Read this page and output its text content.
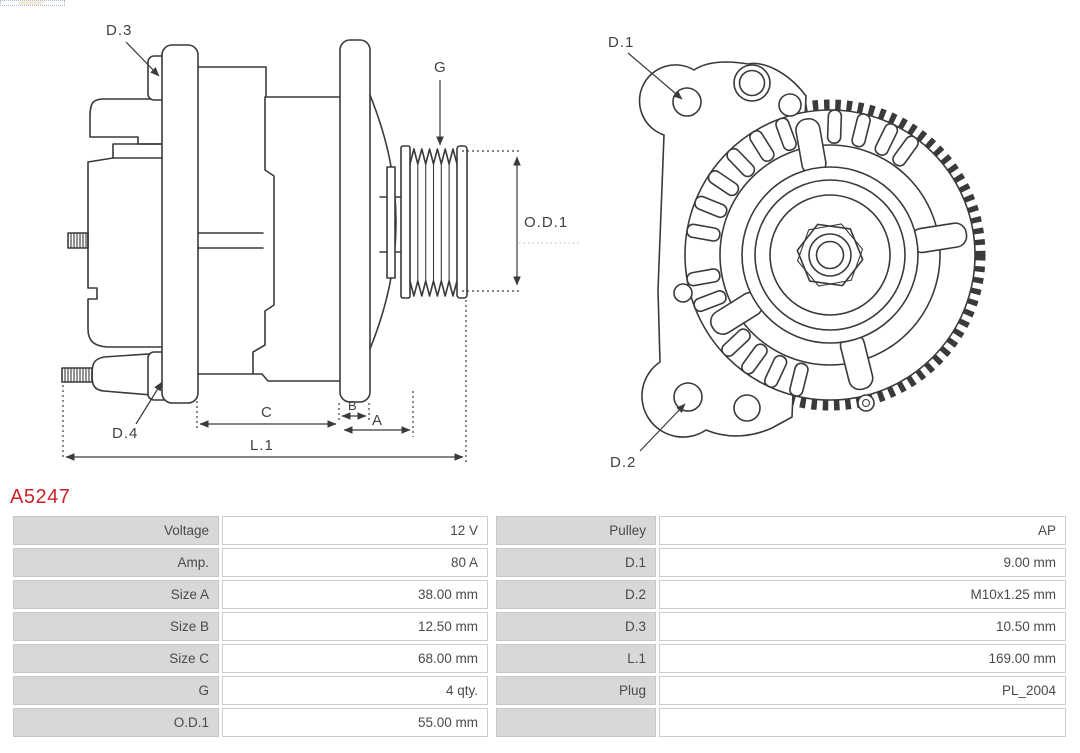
D.3
D.4
G
O.D.1
C	B
A
L.1
D.1
D.2
A5247
Voltage	12 V		Pulley	AP
Amp.	80 A		D.1	9.00 mm
Size A	38.00 mm		D.2	M10x1.25 mm
Size B	12.50 mm		D.3	10.50 mm
Size C	68.00 mm		L.1	169.00 mm
G	4 qty.		Plug	PL_2004
O.D.1	55.00 mm			
